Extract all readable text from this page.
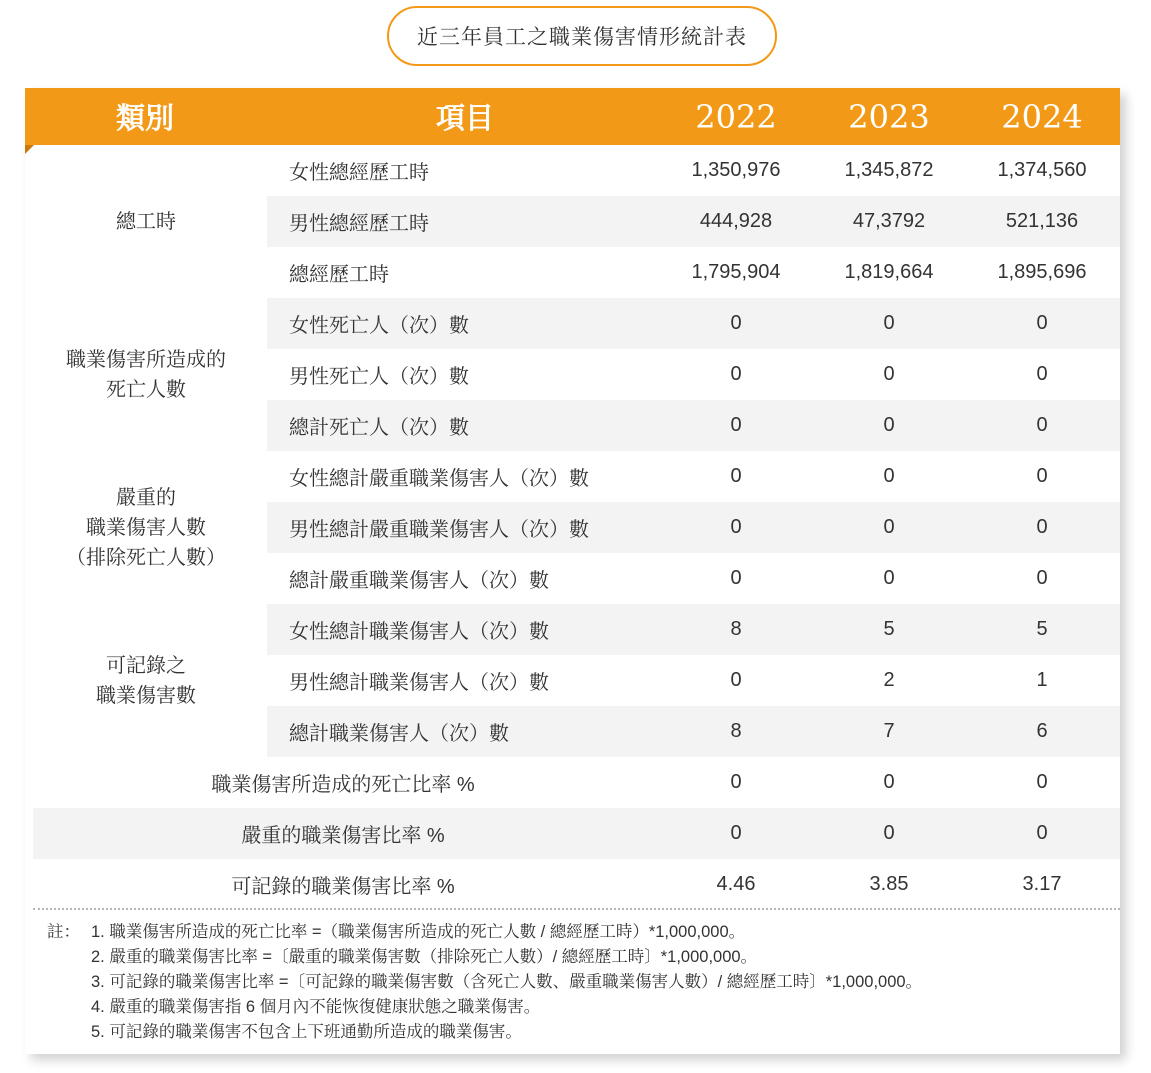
近三年員工之職業傷害情形統計表
類別	項目	2022	2023	2024
總工時
女性總經歷工時	1,350,976	1,345,872	1,374,560
男性總經歷工時	444,928	47,3792	521,136
總經歷工時	1,795,904	1,819,664	1,895,696
職業傷害所造成的
死亡人數
女性死亡人（次）數	0	0	0
男性死亡人（次）數	0	0	0
總計死亡人（次）數	0	0	0
嚴重的
職業傷害人數
（排除死亡人數）
女性總計嚴重職業傷害人（次）數	0	0	0
男性總計嚴重職業傷害人（次）數	0	0	0
總計嚴重職業傷害人（次）數	0	0	0
可記錄之
職業傷害數
女性總計職業傷害人（次）數	8	5	5
男性總計職業傷害人（次）數	0	2	1
總計職業傷害人（次）數	8	7	6
職業傷害所造成的死亡比率 %	0	0	0
嚴重的職業傷害比率 %	0	0	0
可記錄的職業傷害比率 %	4.46	3.85	3.17
註： 1. 職業傷害所造成的死亡比率 =（職業傷害所造成的死亡人數 / 總經歷工時）*1,000,000。
2. 嚴重的職業傷害比率 =〔嚴重的職業傷害數（排除死亡人數）/ 總經歷工時〕*1,000,000。
3. 可記錄的職業傷害比率 =〔可記錄的職業傷害數（含死亡人數、嚴重職業傷害人數）/ 總經歷工時〕*1,000,000。
4. 嚴重的職業傷害指 6 個月內不能恢復健康狀態之職業傷害。
5. 可記錄的職業傷害不包含上下班通勤所造成的職業傷害。
